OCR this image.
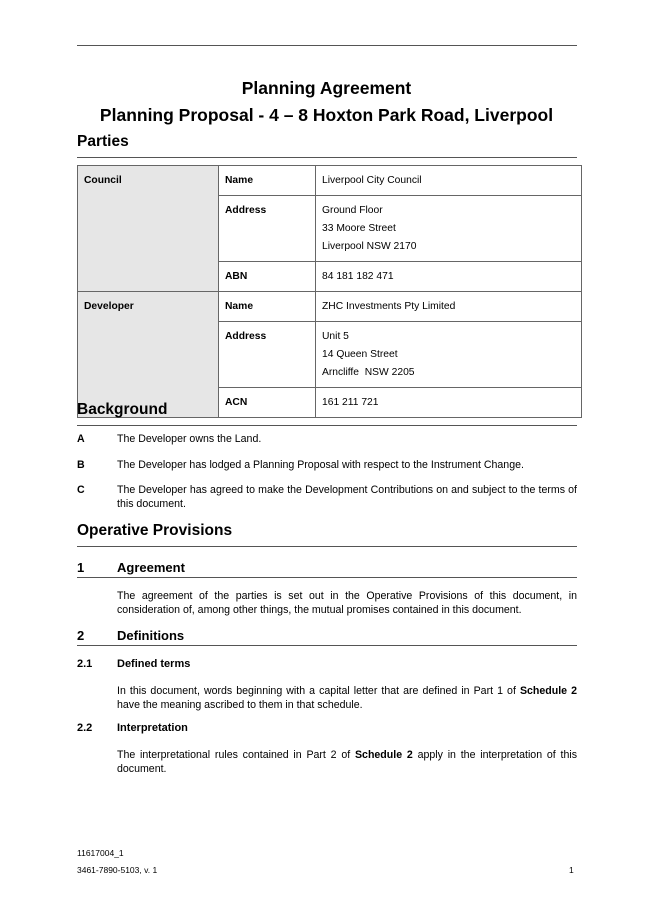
Planning Agreement
Planning Proposal - 4 – 8 Hoxton Park Road, Liverpool
Parties
Council	Name	Liverpool City Council
	Address	Ground Floor
33 Moore Street
Liverpool NSW 2170

	ABN	84 181 182 471
Developer	Name	ZHC Investments Pty Limited
	Address	Unit 5
14 Queen Street
Arncliffe  NSW 2205

	ACN	161 211 721
Background
A	The Developer owns the Land.
B	The Developer has lodged a Planning Proposal with respect to the Instrument Change.
C	The Developer has agreed to make the Development Contributions on and subject to the terms of this document.
Operative Provisions
1	Agreement
The agreement of the parties is set out in the Operative Provisions of this document, in consideration of, among other things, the mutual promises contained in this document.
2	Definitions
2.1 Defined terms
In this document, words beginning with a capital letter that are defined in Part 1 of Schedule 2 have the meaning ascribed to them in that schedule.
2.2 Interpretation
The interpretational rules contained in Part 2 of Schedule 2 apply in the interpretation of this document.
11617004_1
3461-7890-5103, v. 1	1
